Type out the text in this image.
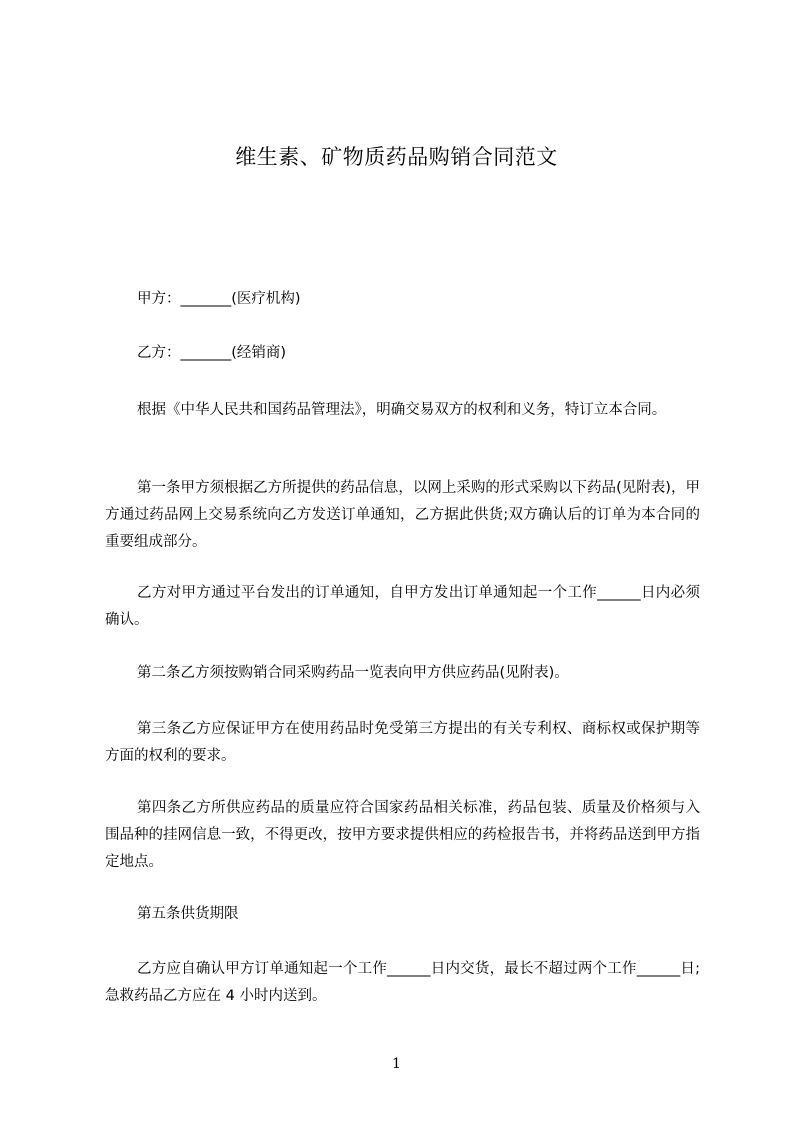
维生素、矿物质药品购销合同范文

甲方：_______(医疗机构)

乙方：_______(经销商)

根据《中华人民共和国药品管理法》，明确交易双方的权利和义务，特订立本合同。

第一条甲方须根据乙方所提供的药品信息，以网上采购的形式采购以下药品(见附表)，甲方通过药品网上交易系统向乙方发送订单通知，乙方据此供货;双方确认后的订单为本合同的重要组成部分。

乙方对甲方通过平台发出的订单通知，自甲方发出订单通知起一个工作______日内必须确认。

第二条乙方须按购销合同采购药品一览表向甲方供应药品(见附表)。

第三条乙方应保证甲方在使用药品时免受第三方提出的有关专利权、商标权或保护期等方面的权利的要求。

第四条乙方所供应药品的质量应符合国家药品相关标准，药品包装、质量及价格须与入围品种的挂网信息一致，不得更改，按甲方要求提供相应的药检报告书，并将药品送到甲方指定地点。

第五条供货期限

乙方应自确认甲方订单通知起一个工作______日内交货，最长不超过两个工作______日;急救药品乙方应在 4 小时内送到。

1
